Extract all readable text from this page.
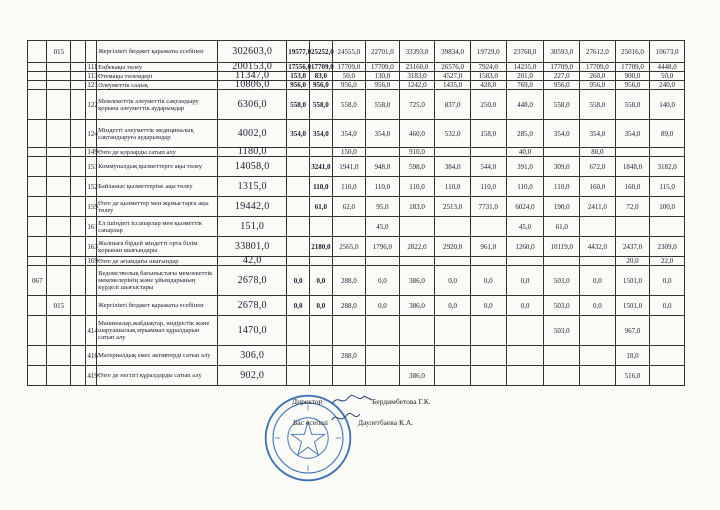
	015			Жергілікті бюджет қаражаты есебінен	302603,0	19577,0	25252,0	24555,0	22701,0	33393,0	39834,0	19729,0	23768,0	30593,0	27612,0	25016,0	10673,0
			111	Еңбекақы төлеу	200153,0	17556,0	17709,0	17709,0	17709,0	23160,0	26576,0	7924,0	14235,0	17709,0	17709,0	17709,0	4448,0
			113	Өтемақы төлемдері	11347,0	153,0	83,0	50,0	130,0	3183,0	4527,0	1583,0	201,0	227,0	260,0	900,0	50,0
			121	Әлеуметтік салық	10806,0	956,0	956,0	956,0	956,0	1242,0	1435,0	428,0	769,0	956,0	956,0	956,0	240,0
			122	Мемлекеттік әлеуметтік сақтандыру қорына әлеуметтік аударымдар	6306,0	558,0	558,0	558,0	558,0	725,0	837,0	250,0	448,0	558,0	558,0	558,0	140,0
			124	Міндетті әлеуметтік медициналық сақтандыруға аударымдар	4002,0	354,0	354,0	354,0	354,0	460,0	532,0	158,0	285,0	354,0	354,0	354,0	89,0
			149	Өзге де қорларды сатып алу	1180,0			150,0		910,0			40,0		80,0		
			151	Коммуналдық қызметтерге ақы төлеу	14058,0		3241,0	1941,0	948,0	598,0	384,0	544,0	391,0	309,0	672,0	1848,0	3182,0
			152	Байланыс қызметтеріне ақы төлеу	1315,0		110,0	110,0	110,0	110,0	110,0	110,0	110,0	110,0	160,0	160,0	115,0
			159	Өзге де қызметтер мен жұмыстарға ақы төлеу	19442,0		61,0	62,0	95,0	183,0	2513,0	7731,0	6024,0	190,0	2411,0	72,0	100,0
			161	Ел ішіндегі іссапарлар мен қызметтік сапарлар	151,0				45,0				45,0	61,0			
			163	Жалпыға бірдей міндетті орта білім қорынан шығындары	33801,0		2180,0	2565,0	1796,0	2822,0	2920,0	961,0	1260,0	10119,0	4432,0	2437,0	2309,0
			169	Өзге де ағымдағы шығындар	42,0											20,0	22,0
067				Ведомстволық бағыныстағы мемлекеттік мекемелерінің және ұйымдарының күрделі шығыстары	2678,0	0,0	0,0	288,0	0,0	386,0	0,0	0,0	0,0	503,0	0,0	1501,0	0,0
	015			Жергілікті бюджет қаражаты есебінен	2678,0	0,0	0,0	288,0	0,0	386,0	0,0	0,0	0,0	503,0	0,0	1501,0	0,0
			414	Машиналар,жабдықтар, өндірістік және шаруашылық мүкаммал құралдарын сатып алу	1470,0									503,0		967,0	
			416	Материалдық емес активтерді сатып алу	306,0			288,0								18,0	
			419	Өзге де негізгі құралдарды сатып алу	902,0					386,0						516,0	
Директор	Бердимбетова Г.К.
Бас есепші	Даулетбаева К.А.
